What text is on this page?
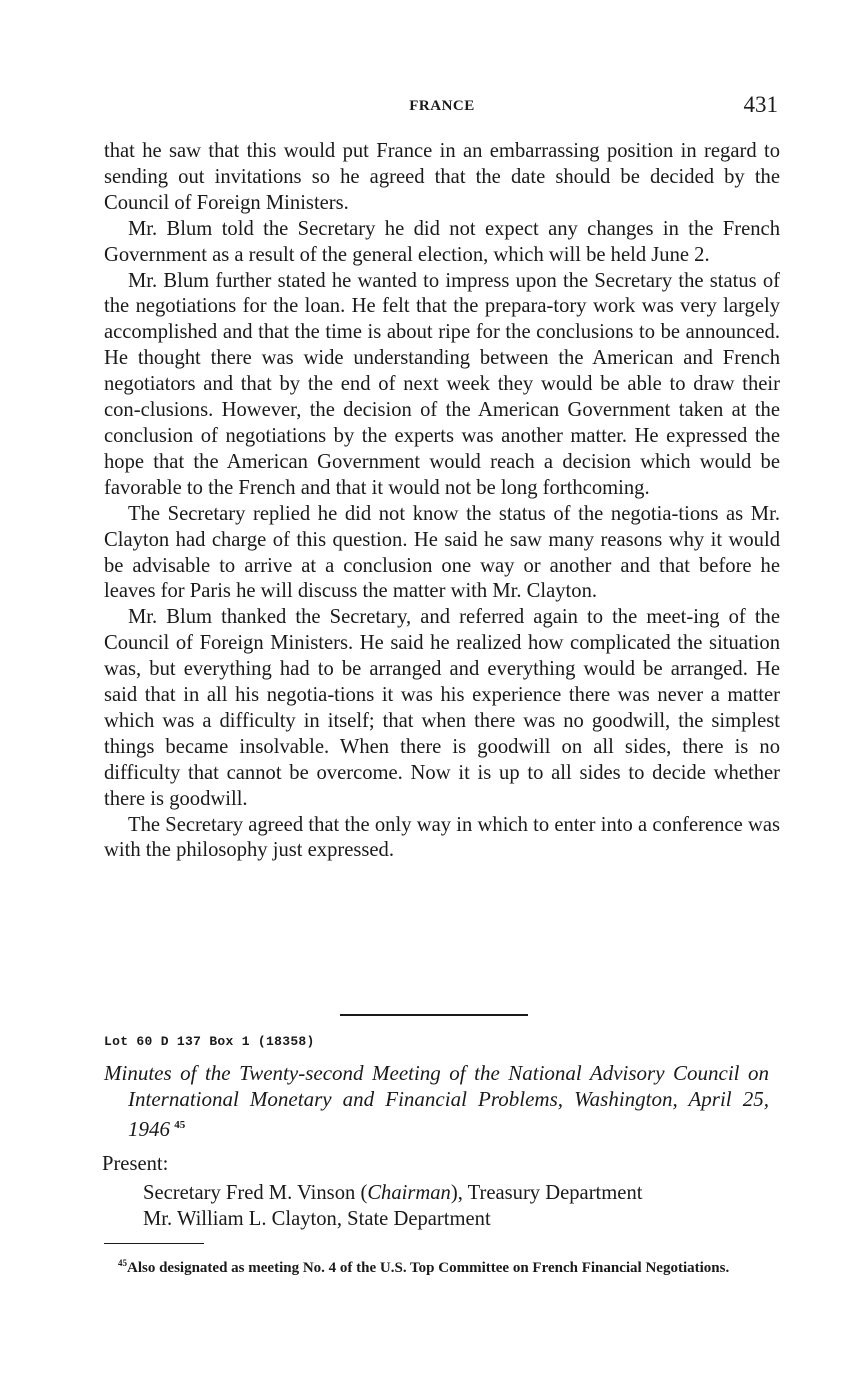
FRANCE	431

that he saw that this would put France in an embarrassing position in regard to sending out invitations so he agreed that the date should be decided by the Council of Foreign Ministers.

Mr. Blum told the Secretary he did not expect any changes in the French Government as a result of the general election, which will be held June 2.

Mr. Blum further stated he wanted to impress upon the Secretary the status of the negotiations for the loan. He felt that the prepara-tory work was very largely accomplished and that the time is about ripe for the conclusions to be announced. He thought there was wide understanding between the American and French negotiators and that by the end of next week they would be able to draw their con-clusions. However, the decision of the American Government taken at the conclusion of negotiations by the experts was another matter. He expressed the hope that the American Government would reach a decision which would be favorable to the French and that it would not be long forthcoming.

The Secretary replied he did not know the status of the negotia-tions as Mr. Clayton had charge of this question. He said he saw many reasons why it would be advisable to arrive at a conclusion one way or another and that before he leaves for Paris he will discuss the matter with Mr. Clayton.

Mr. Blum thanked the Secretary, and referred again to the meet-ing of the Council of Foreign Ministers. He said he realized how complicated the situation was, but everything had to be arranged and everything would be arranged. He said that in all his negotia-tions it was his experience there was never a matter which was a difficulty in itself; that when there was no goodwill, the simplest things became insolvable. When there is goodwill on all sides, there is no difficulty that cannot be overcome. Now it is up to all sides to decide whether there is goodwill.

The Secretary agreed that the only way in which to enter into a conference was with the philosophy just expressed.

Lot 60 D 137 Box 1 (18358)
Minutes of the Twenty-second Meeting of the National Advisory Council on International Monetary and Financial Problems, Washington, April 25, 1946  $^{45}$
Present:
Secretary Fred M. Vinson (Chairman), Treasury Department
Mr. William L. Clayton, State Department
$^{45}$Also designated as meeting No. 4 of the U.S. Top Committee on French Financial Negotiations.
